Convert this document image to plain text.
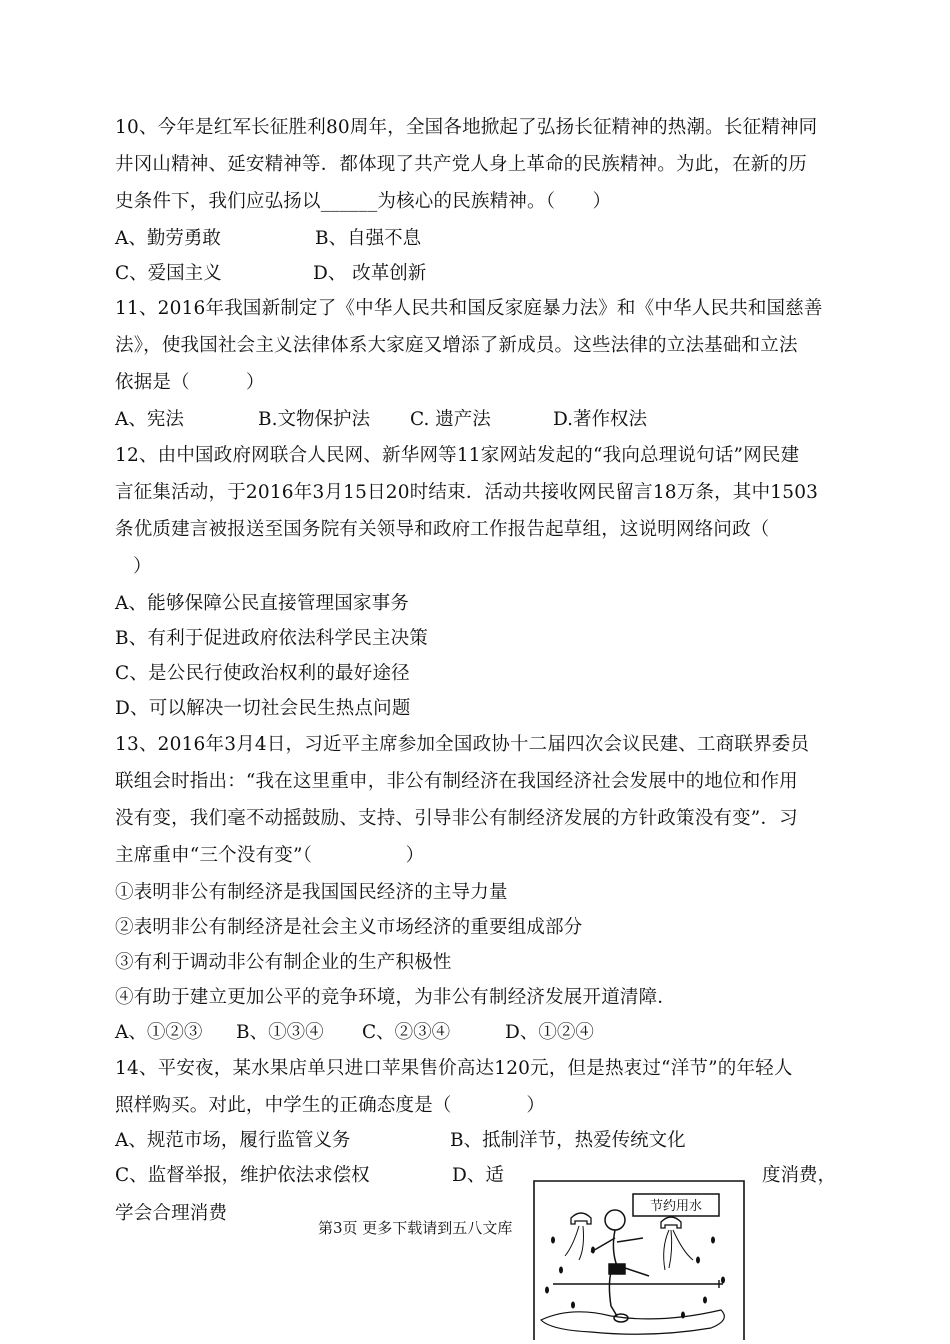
10、今年是红军长征胜利80周年，全国各地掀起了弘扬长征精神的热潮。长征精神同
井冈山精神、延安精神等．都体现了共产党人身上革命的民族精神。为此，在新的历
史条件下，我们应弘扬以______为核心的民族精神。（　　）
A、勤劳勇敢	B、自强不息
C、爱国主义	D、 改革创新
11、2016年我国新制定了《中华人民共和国反家庭暴力法》和《中华人民共和国慈善
法》，使我国社会主义法律体系大家庭又增添了新成员。这些法律的立法基础和立法
依据是（　　　）
A、宪法	B.文物保护法 C. 遗产法	D.著作权法
12、由中国政府网联合人民网、新华网等11家网站发起的“我向总理说句话”网民建
言征集活动，于2016年3月15日20时结束．活动共接收网民留言18万条，其中1503
条优质建言被报送至国务院有关领导和政府工作报告起草组，这说明网络问政（
）
A、能够保障公民直接管理国家事务
B、有利于促进政府依法科学民主决策
C、是公民行使政治权利的最好途径
D、可以解决一切社会民生热点问题
13、2016年3月4日，习近平主席参加全国政协十二届四次会议民建、工商联界委员
联组会时指出：“我在这里重申，非公有制经济在我国经济社会发展中的地位和作用
没有变，我们毫不动摇鼓励、支持、引导非公有制经济发展的方针政策没有变”．习
主席重申“三个没有变”（　　　　　）
①表明非公有制经济是我国国民经济的主导力量
②表明非公有制经济是社会主义市场经济的重要组成部分
③有利于调动非公有制企业的生产积极性
④有助于建立更加公平的竞争环境，为非公有制经济发展开道清障．
A、①②③ B、①③④ C、②③④	D、①②④
14、平安夜，某水果店单只进口苹果售价高达120元，但是热衷过“洋节”的年轻人
照样购买。对此，中学生的正确态度是（　　　　）
A、规范市场，履行监管义务	B、抵制洋节，热爱传统文化
C、监督举报，维护依法求偿权	D、适	度消费，
学会合理消费
第3页 更多下载请到五八文库
节约用水
